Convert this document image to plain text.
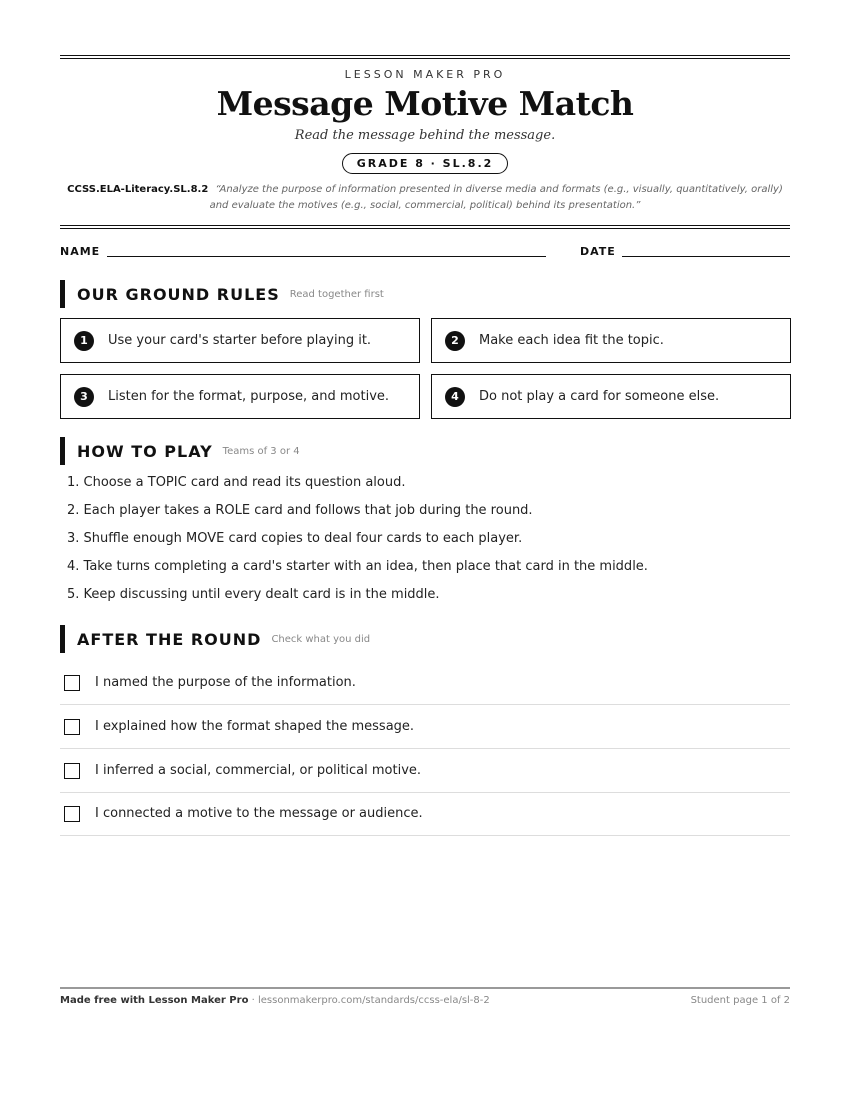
LESSON MAKER PRO
Message Motive Match
Read the message behind the message.
GRADE 8 · SL.8.2
CCSS.ELA-Literacy.SL.8.2 “Analyze the purpose of information presented in diverse media and formats (e.g., visually, quantitatively, orally) and evaluate the motives (e.g., social, commercial, political) behind its presentation.”
NAME	DATE
OUR GROUND RULES Read together first
1	Use your card's starter before playing it.	2	Make each idea fit the topic.
3	Listen for the format, purpose, and motive.	4	Do not play a card for someone else.
HOW TO PLAY Teams of 3 or 4
1. Choose a TOPIC card and read its question aloud.
2. Each player takes a ROLE card and follows that job during the round.
3. Shuffle enough MOVE card copies to deal four cards to each player.
4. Take turns completing a card's starter with an idea, then place that card in the middle.
5. Keep discussing until every dealt card is in the middle.
AFTER THE ROUND Check what you did
I named the purpose of the information.
I explained how the format shaped the message.
I inferred a social, commercial, or political motive.
I connected a motive to the message or audience.
Made free with Lesson Maker Pro · lessonmakerpro.com/standards/ccss-ela/sl-8-2	Student page 1 of 2
